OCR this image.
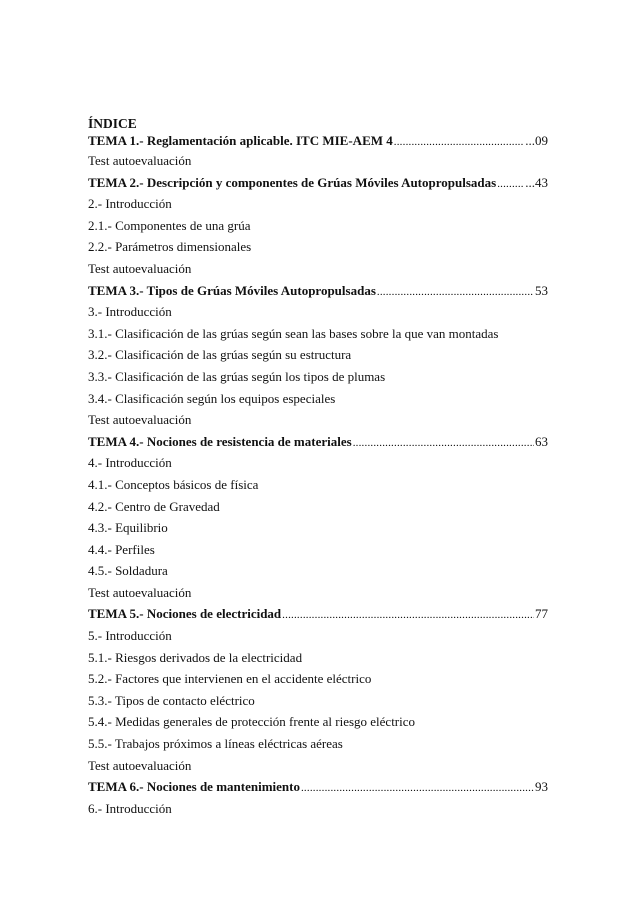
ÍNDICE
TEMA 1.- Reglamentación aplicable. ITC MIE-AEM 4 .....	...09
Test autoevaluación
TEMA 2.- Descripción y componentes de Grúas Móviles Autopropulsadas ..... ...43
2.- Introducción
2.1.- Componentes de una grúa
2.2.- Parámetros dimensionales
Test autoevaluación
TEMA 3.- Tipos de Grúas Móviles Autopropulsadas .....	53
3.- Introducción
3.1.- Clasificación de las grúas según sean las bases sobre la que van montadas
3.2.- Clasificación de las grúas según su estructura
3.3.- Clasificación de las grúas según los tipos de plumas
3.4.- Clasificación según los equipos especiales
Test autoevaluación
TEMA 4.- Nociones de resistencia de materiales .....	63
4.- Introducción
4.1.- Conceptos básicos de física
4.2.- Centro de Gravedad
4.3.- Equilibrio
4.4.- Perfiles
4.5.- Soldadura
Test autoevaluación
TEMA 5.- Nociones de electricidad .....	77
5.- Introducción
5.1.- Riesgos derivados de la electricidad
5.2.- Factores que intervienen en el accidente eléctrico
5.3.- Tipos de contacto eléctrico
5.4.- Medidas generales de protección frente al riesgo eléctrico
5.5.- Trabajos próximos a líneas eléctricas aéreas
Test autoevaluación
TEMA 6.- Nociones de mantenimiento .....	93
6.- Introducción
